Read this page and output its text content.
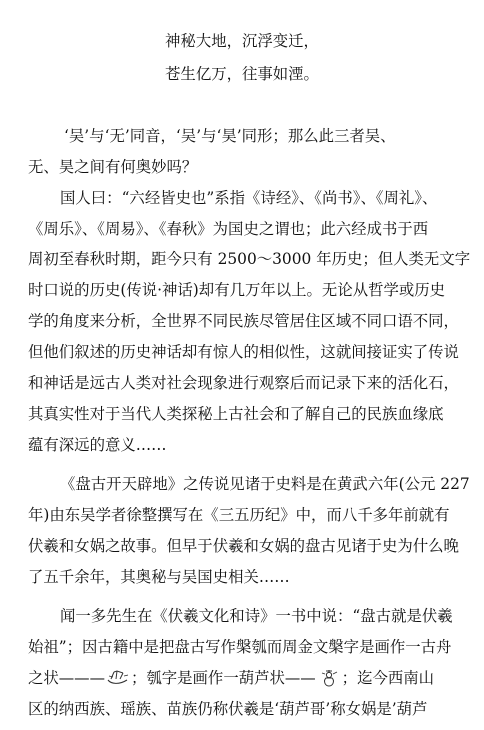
神秘大地，沉浮变迁，

苍生亿万，往事如湮。

‘吴’与‘无’同音，‘吴’与‘昊’同形；那么此三者吴、

无、昊之间有何奥妙吗？

国人曰：“六经皆史也”系指《诗经》、《尚书》、《周礼》、

《周乐》、《周易》、《春秋》为国史之谓也；此六经成书于西

周初至春秋时期，距今只有 2500～3000 年历史；但人类无文字

时口说的历史(传说·神话)却有几万年以上。无论从哲学或历史

学的角度来分析，全世界不同民族尽管居住区域不同口语不同，

但他们叙述的历史神话却有惊人的相似性，这就间接证实了传说

和神话是远古人类对社会现象进行观察后而记录下来的活化石，

其真实性对于当代人类探秘上古社会和了解自己的民族血缘底

蕴有深远的意义……

《盘古开天辟地》之传说见诸于史料是在黄武六年(公元 227

年)由东吴学者徐整撰写在《三五历纪》中，而八千多年前就有

伏羲和女娲之故事。但早于伏羲和女娲的盘古见诸于史为什么晚

了五千余年，其奥秘与吴国史相关……

闻一多先生在《伏羲文化和诗》一书中说：“盘古就是伏羲

始祖”；因古籍中是把盘古写作槃瓠而周金文槃字是画作一古舟

之状——— ；瓠字是画作一葫芦状—— ；迄今西南山

区的纳西族、瑶族、苗族仍称伏羲是‘葫芦哥’称女娲是’葫芦
